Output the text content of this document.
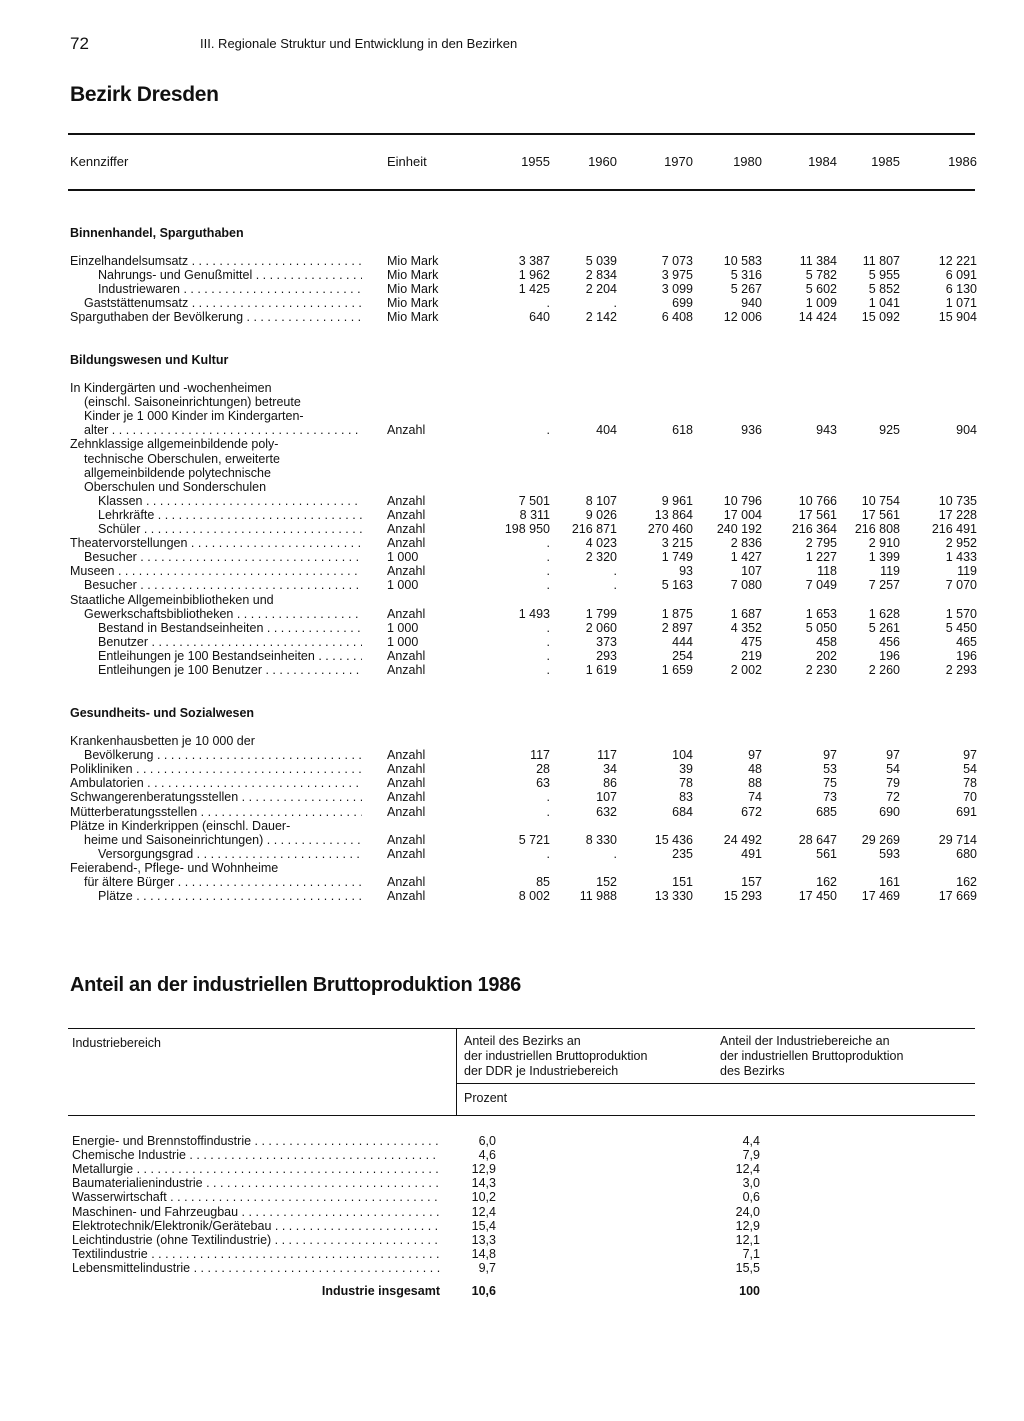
72	III. Regionale Struktur und Entwicklung in den Bezirken
Bezirk Dresden
Kennziffer	Einheit	1955	1960	1970	1980	1984	1985	1986
Binnenhandel, Sparguthaben
Einzelhandelsumsatz . . .	Mio Mark	3 387	5 039	7 073	10 583	11 384	11 807	12 221
Nahrungs- und Genußmittel . . .	Mio Mark	1 962	2 834	3 975	5 316	5 782	5 955	6 091
Industriewaren . . .	Mio Mark	1 425	2 204	3 099	5 267	5 602	5 852	6 130
Gaststättenumsatz . . .	Mio Mark	.	.	699	940	1 009	1 041	1 071
Sparguthaben der Bevölkerung . . .	Mio Mark	640	2 142	6 408	12 006	14 424	15 092	15 904
Bildungswesen und Kultur
In Kindergärten und -wochenheimen
(einschl. Saisoneinrichtungen) betreute
Kinder je 1 000 Kinder im Kindergarten-
alter . . .	Anzahl	.	404	618	936	943	925	904
Zehnklassige allgemeinbildende poly-
technische Oberschulen, erweiterte
allgemeinbildende polytechnische
Oberschulen und Sonderschulen
Klassen . . .	Anzahl	7 501	8 107	9 961	10 796	10 766	10 754	10 735
Lehrkräfte . . .	Anzahl	8 311	9 026	13 864	17 004	17 561	17 561	17 228
Schüler . . .	Anzahl	198 950	216 871	270 460	240 192	216 364	216 808	216 491
Theatervorstellungen . . .	Anzahl	.	4 023	3 215	2 836	2 795	2 910	2 952
Besucher . . .	1 000	.	2 320	1 749	1 427	1 227	1 399	1 433
Museen . . .	Anzahl	.	.	93	107	118	119	119
Besucher . . .	1 000	.	.	5 163	7 080	7 049	7 257	7 070
Staatliche Allgemeinbibliotheken und
Gewerkschaftsbibliotheken . . .	Anzahl	1 493	1 799	1 875	1 687	1 653	1 628	1 570
Bestand in Bestandseinheiten . . .	1 000	.	2 060	2 897	4 352	5 050	5 261	5 450
Benutzer . . .	1 000	.	373	444	475	458	456	465
Entleihungen je 100 Bestandseinheiten . . .	Anzahl	.	293	254	219	202	196	196
Entleihungen je 100 Benutzer . . .	Anzahl	.	1 619	1 659	2 002	2 230	2 260	2 293
Gesundheits- und Sozialwesen
Krankenhausbetten je 10 000 der
Bevölkerung . . .	Anzahl	117	117	104	97	97	97	97
Polikliniken . . .	Anzahl	28	34	39	48	53	54	54
Ambulatorien . . .	Anzahl	63	86	78	88	75	79	78
Schwangerenberatungsstellen . . .	Anzahl	.	107	83	74	73	72	70
Mütterberatungsstellen . . .	Anzahl	.	632	684	672	685	690	691
Plätze in Kinderkrippen (einschl. Dauer-
heime und Saisoneinrichtungen) . . .	Anzahl	5 721	8 330	15 436	24 492	28 647	29 269	29 714
Versorgungsgrad . . .	Anzahl	.	.	235	491	561	593	680
Feierabend-, Pflege- und Wohnheime
für ältere Bürger . . .	Anzahl	85	152	151	157	162	161	162
Plätze . . .	Anzahl	8 002	11 988	13 330	15 293	17 450	17 469	17 669
Anteil an der industriellen Bruttoproduktion 1986
Industriebereich	Anteil des Bezirks an
der industriellen Bruttoproduktion
der DDR je Industriebereich
Anteil der Industriebereiche an
der industriellen Bruttoproduktion
des Bezirks
Prozent
Energie- und Brennstoffindustrie . . .	6,0	4,4
Chemische Industrie . . .	4,6	7,9
Metallurgie . . .	12,9	12,4
Baumaterialienindustrie . . .	14,3	3,0
Wasserwirtschaft . . .	10,2	0,6
Maschinen- und Fahrzeugbau . . .	12,4	24,0
Elektrotechnik/Elektronik/Gerätebau . . .	15,4	12,9
Leichtindustrie (ohne Textilindustrie) . . .	13,3	12,1
Textilindustrie . . .	14,8	7,1
Lebensmittelindustrie . . .	9,7	15,5
Industrie insgesamt	10,6	100
